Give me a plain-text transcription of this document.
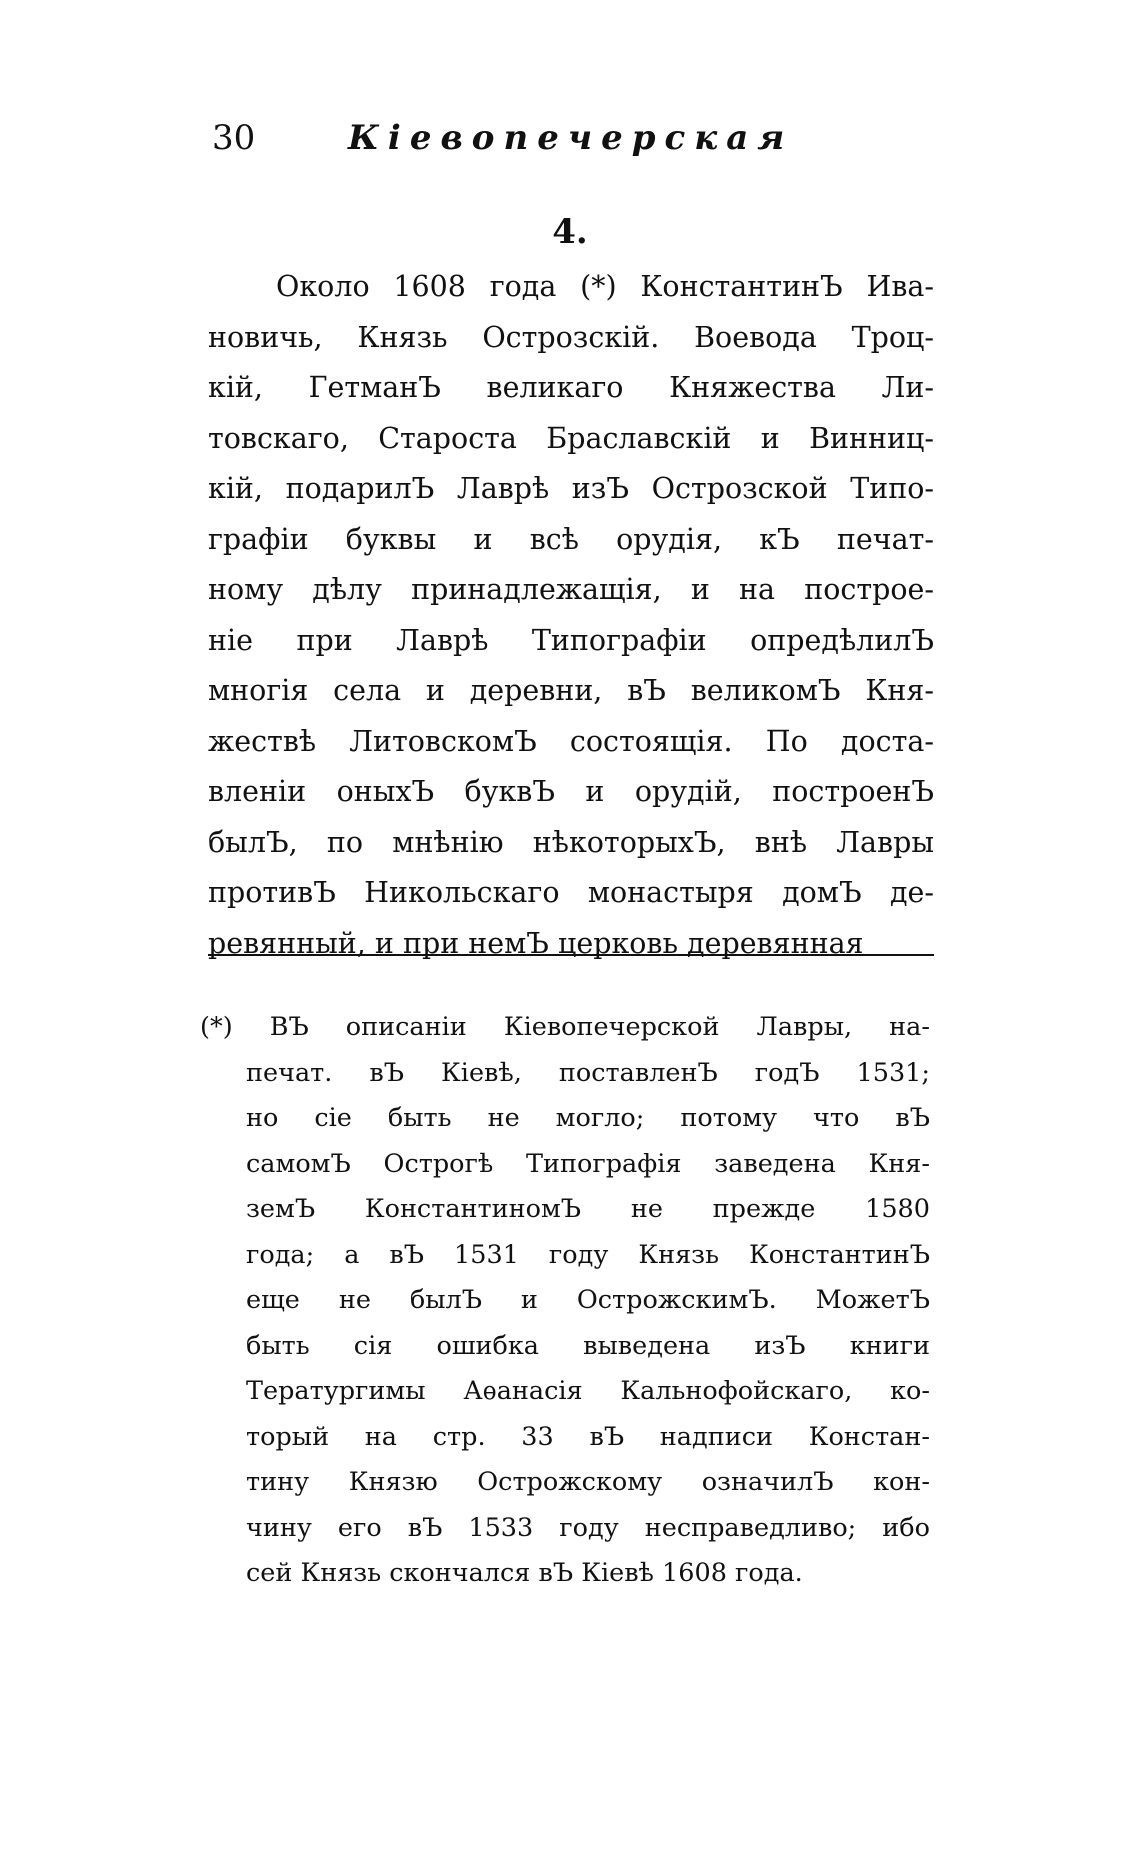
30	Кіевопечерская
4.
Около 1608 года (*) КонстантинЪ Ива-
новичь, Князь Острозскій. Воевода Троц-
кій, ГетманЪ великаго Княжества Ли-
товскаго, Староста Браславскій и Винниц-
кій, подарилЪ Лаврѣ изЪ Острозской Типо-
графіи буквы и всѣ орудія, кЪ печат-
ному дѣлу принадлежащія, и на построе-
ніе при Лаврѣ Типографіи опредѣлилЪ
многія села и деревни, вЪ великомЪ Кня-
жествѣ ЛитовскомЪ состоящія. По доста-
вленіи оныхЪ буквЪ и орудій, построенЪ
былЪ, по мнѣнію нѣкоторыхЪ, внѣ Лавры
противЪ Никольскаго монастыря домЪ де-
ревянный, и при немЪ церковь деревянная
(*) ВЪ описаніи Кіевопечерской Лавры, на-
печат. вЪ Кіевѣ, поставленЪ годЪ 1531;
но сіе быть не могло; потому что вЪ
самомЪ Острогѣ Типографія заведена Кня-
земЪ КонстантиномЪ не прежде 1580
года; а вЪ 1531 году Князь КонстантинЪ
еще не былЪ и ОстрожскимЪ. МожетЪ
быть сія ошибка выведена изЪ книги
Тератургимы Аѳанасія Кальнофойскаго, ко-
торый на стр. 33 вЪ надписи Констан-
тину Князю Острожскому означилЪ кон-
чину его вЪ 1533 году несправедливо; ибо
сей Князь скончался вЪ Кіевѣ 1608 года.
